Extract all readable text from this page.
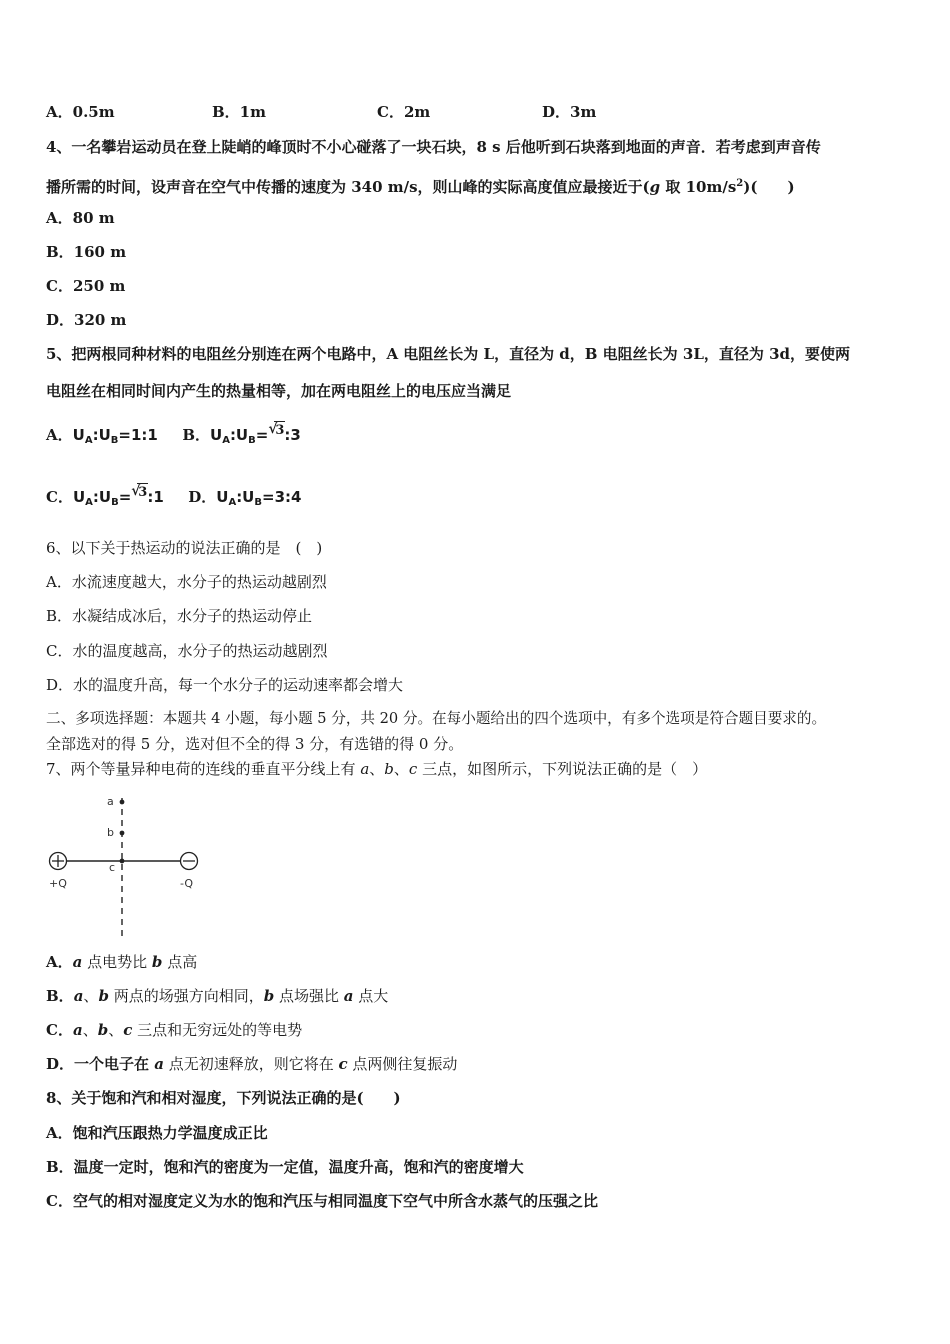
A．0.5m	B．1m	C．2m	D．3m
4、一名攀岩运动员在登上陡峭的峰顶时不小心碰落了一块石块，8 s 后他听到石块落到地面的声音．若考虑到声音传
播所需的时间，设声音在空气中传播的速度为 340 m/s，则山峰的实际高度值应最接近于(g 取 $10m/s^2$)(　　)
A．80 m
B．160 m
C．250 m
D．320 m
5、把两根同种材料的电阻丝分别连在两个电路中，A 电阻丝长为 L，直径为 d，B 电阻丝长为 3L，直径为 3d，要使两
电阻丝在相同时间内产生的热量相等，加在两电阻丝上的电压应当满足
A．$U_A:U_B=1:1$ B．$U_A:U_B=$ √
3:3
C．$U_A:U_B=$ √
3:1 D．$U_A:U_B=3:4$
6、以下关于热运动的说法正确的是　(　)
A．水流速度越大，水分子的热运动越剧烈
B．水凝结成冰后，水分子的热运动停止
C．水的温度越高，水分子的热运动越剧烈
D．水的温度升高，每一个水分子的运动速率都会增大
二、多项选择题：本题共 4 小题，每小题 5 分，共 20 分。在每小题给出的四个选项中，有多个选项是符合题目要求的。
全部选对的得 5 分，选对但不全的得 3 分，有选错的得 0 分。
7、两个等量异种电荷的连线的垂直平分线上有 a、b、c 三点，如图所示，下列说法正确的是（　）
a
b
c
+Q	-Q
A．a 点电势比 b 点高
B．a、b 两点的场强方向相同，b 点场强比 a 点大
C．a、b、c 三点和无穷远处的等电势
D．一个电子在 a 点无初速释放，则它将在 c 点两侧往复振动
8、关于饱和汽和相对湿度，下列说法正确的是(　　)
A．饱和汽压跟热力学温度成正比
B．温度一定时，饱和汽的密度为一定值，温度升高，饱和汽的密度增大
C．空气的相对湿度定义为水的饱和汽压与相同温度下空气中所含水蒸气的压强之比
